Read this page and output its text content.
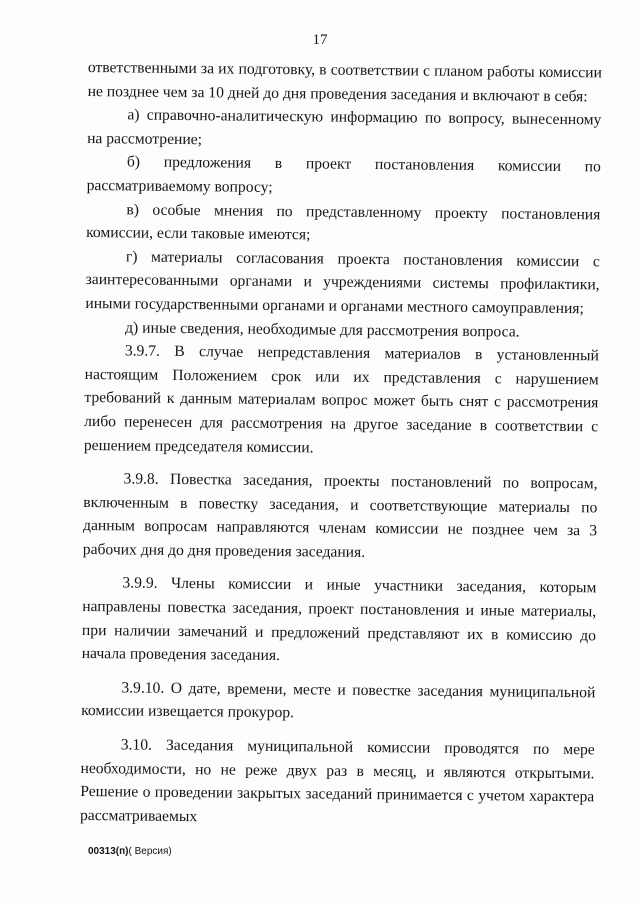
17

ответственными за их подготовку, в соответствии с планом работы комиссии не позднее чем за 10 дней до дня проведения заседания и включают в себя:

а) справочно-аналитическую информацию по вопросу, вынесенному на рассмотрение;

б) предложения в проект постановления комиссии по рассматриваемому вопросу;

в) особые мнения по представленному проекту постановления комиссии, если таковые имеются;

г) материалы согласования проекта постановления комиссии с заинтересованными органами и учреждениями системы профилактики, иными государственными органами и органами местного самоуправления;

д) иные сведения, необходимые для рассмотрения вопроса.

3.9.7. В случае непредставления материалов в установленный настоящим Положением срок или их представления с нарушением требований к данным материалам вопрос может быть снят с рассмотрения либо перенесен для рассмотрения на другое заседание в соответствии с решением председателя комиссии.

3.9.8. Повестка заседания, проекты постановлений по вопросам, включенным в повестку заседания, и соответствующие материалы по данным вопросам направляются членам комиссии не позднее чем за 3 рабочих дня до дня проведения заседания.

3.9.9. Члены комиссии и иные участники заседания, которым направлены повестка заседания, проект постановления и иные материалы, при наличии замечаний и предложений представляют их в комиссию до начала проведения заседания.

3.9.10. О дате, времени, месте и повестке заседания муниципальной комиссии извещается прокурор.

3.10. Заседания муниципальной комиссии проводятся по мере необходимости, но не реже двух раз в месяц, и являются открытыми. Решение о проведении закрытых заседаний принимается с учетом характера рассматриваемых

00313(п)( Версия)
